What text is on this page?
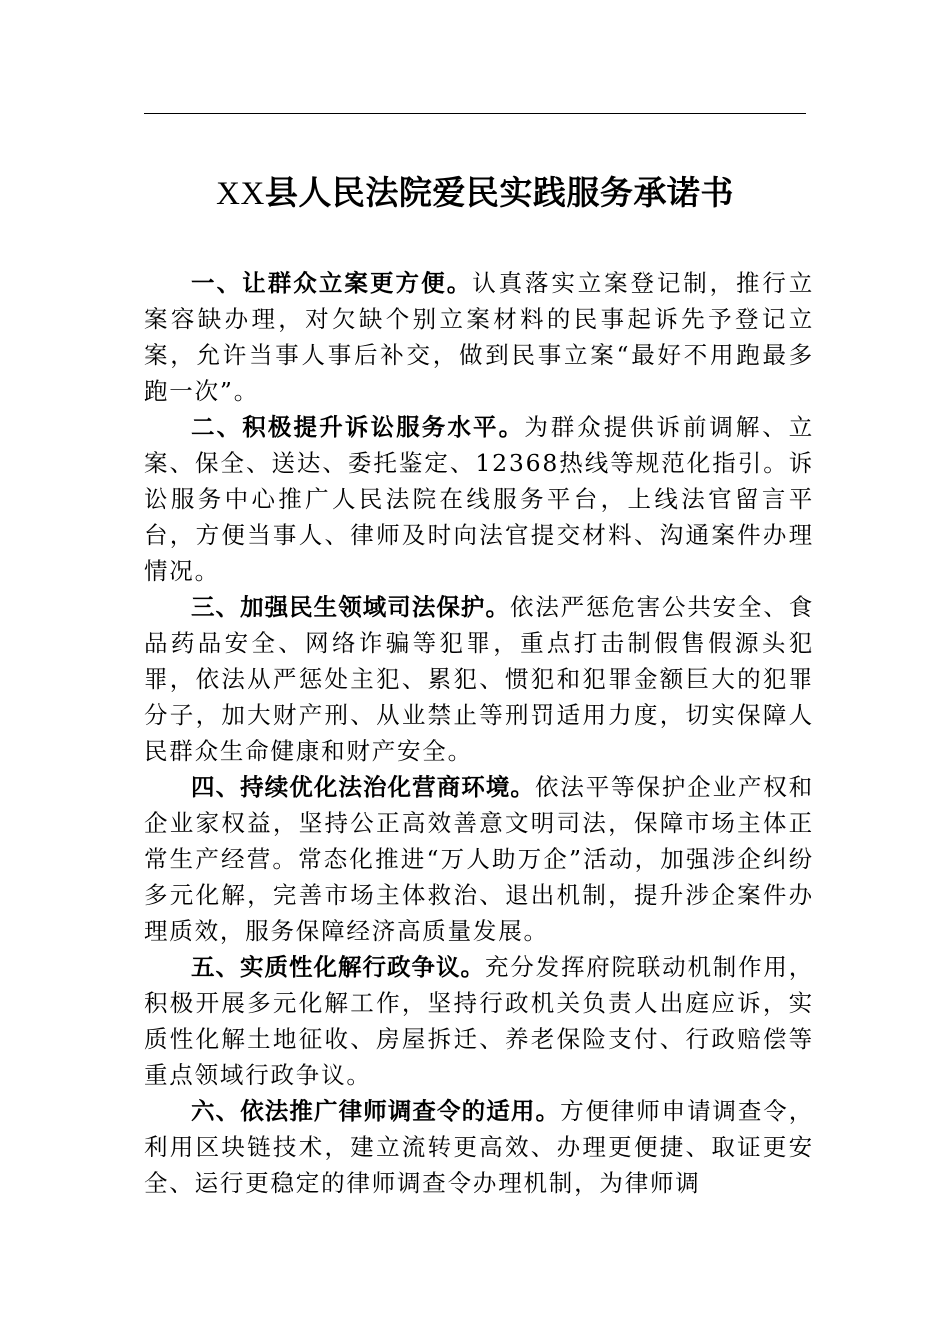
XX县人民法院爱民实践服务承诺书

一、让群众立案更方便。认真落实立案登记制，推行立案容缺办理，对欠缺个别立案材料的民事起诉先予登记立案，允许当事人事后补交，做到民事立案“最好不用跑最多跑一次”。

二、积极提升诉讼服务水平。为群众提供诉前调解、立案、保全、送达、委托鉴定、12368热线等规范化指引。诉讼服务中心推广人民法院在线服务平台，上线法官留言平台，方便当事人、律师及时向法官提交材料、沟通案件办理情况。

三、加强民生领域司法保护。依法严惩危害公共安全、食品药品安全、网络诈骗等犯罪，重点打击制假售假源头犯罪，依法从严惩处主犯、累犯、惯犯和犯罪金额巨大的犯罪分子，加大财产刑、从业禁止等刑罚适用力度，切实保障人民群众生命健康和财产安全。

四、持续优化法治化营商环境。依法平等保护企业产权和企业家权益，坚持公正高效善意文明司法，保障市场主体正常生产经营。常态化推进“万人助万企”活动，加强涉企纠纷多元化解，完善市场主体救治、退出机制，提升涉企案件办理质效，服务保障经济高质量发展。

五、实质性化解行政争议。充分发挥府院联动机制作用，积极开展多元化解工作，坚持行政机关负责人出庭应诉，实质性化解土地征收、房屋拆迁、养老保险支付、行政赔偿等重点领域行政争议。

六、依法推广律师调查令的适用。方便律师申请调查令，利用区块链技术，建立流转更高效、办理更便捷、取证更安全、运行更稳定的律师调查令办理机制，为律师调
